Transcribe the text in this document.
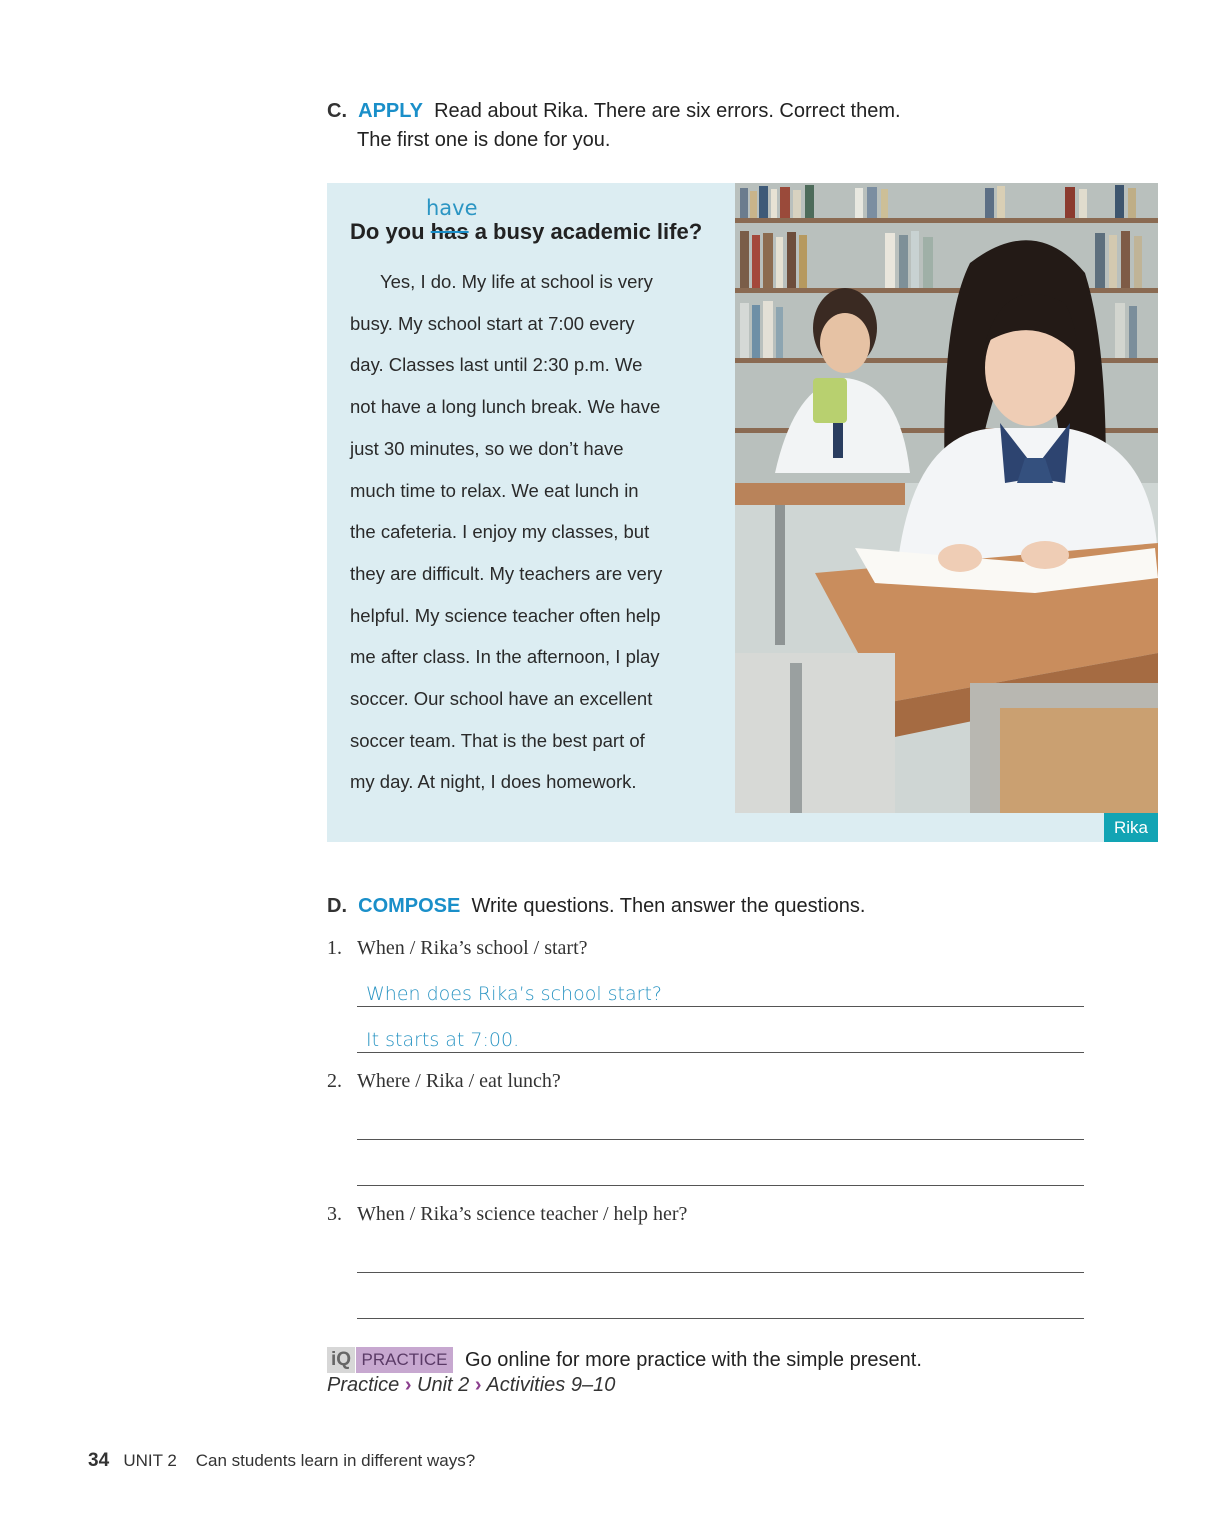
C. APPLY Read about Rika. There are six errors. Correct them.
The first one is done for you.
have
Do you has a busy academic life?
Yes, I do. My life at school is very
busy. My school start at 7:00 every
day. Classes last until 2:30 p.m. We
not have a long lunch break. We have
just 30 minutes, so we don’t have
much time to relax. We eat lunch in
the cafeteria. I enjoy my classes, but
they are difficult. My teachers are very
helpful. My science teacher often help
me after class. In the afternoon, I play
soccer. Our school have an excellent
soccer team. That is the best part of
my day. At night, I does homework.
Rika
D. COMPOSE Write questions. Then answer the questions.
1. When / Rika’s school / start?
When does Rika’s school start?
It starts at 7:00.
2. Where / Rika / eat lunch?
3. When / Rika’s science teacher / help her?
iQ PRACTICE Go online for more practice with the simple present.
Practice › Unit 2 › Activities 9–10
34 UNIT 2 Can students learn in different ways?
